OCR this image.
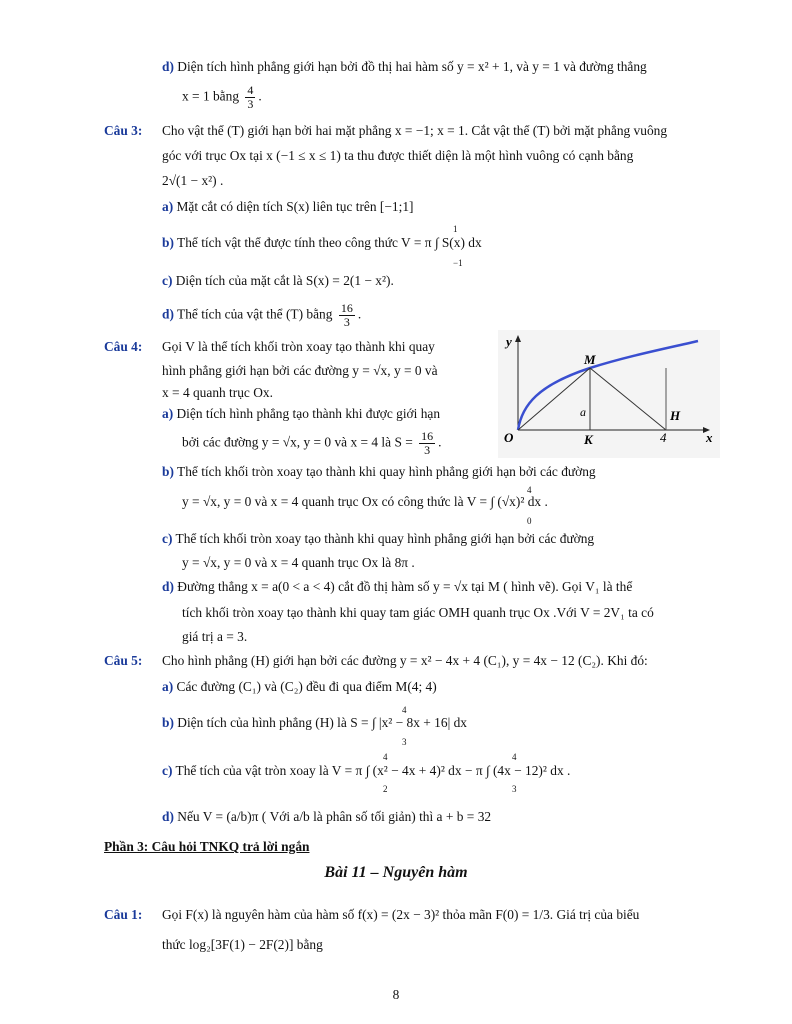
d) Diện tích hình phẳng giới hạn bởi đồ thị hai hàm số y = x² + 1, và y = 1 và đường thẳng
x = 1 bằng $\frac{4}{3}$ .
Câu 3: Cho vật thể (T) giới hạn bởi hai mặt phẳng x = −1; x = 1. Cắt vật thể (T) bởi mặt phẳng vuông
góc với trục Ox tại x (−1 ≤ x ≤ 1) ta thu được thiết diện là một hình vuông có cạnh bằng
2√(1 − x²) .
a) Mặt cắt có diện tích S(x) liên tục trên [−1;1]
b) Thể tích vật thể được tính theo công thức V = π ∫ S(x) dx
1
−1
c) Diện tích của mặt cắt là S(x) = 2(1 − x²).
d) Thể tích của vật thể (T) bằng $\frac{16}{3}$ .
Câu 4: Gọi V là thể tích khối tròn xoay tạo thành khi quay
hình phẳng giới hạn bởi các đường y = √x, y = 0 và
x = 4 quanh trục Ox.
a) Diện tích hình phẳng tạo thành khi được giới hạn
bởi các đường y = √x, y = 0 và x = 4 là $S = \frac{16}{3}$ .
y
x
O
M
K
H
a
4
b) Thể tích khối tròn xoay tạo thành khi quay hình phẳng giới hạn bởi các đường
y = √x, y = 0 và x = 4 quanh trục Ox có công thức là V = ∫ (√x)² dx .
4
0
c) Thể tích khối tròn xoay tạo thành khi quay hình phẳng giới hạn bởi các đường
y = √x, y = 0 và x = 4 quanh trục Ox là 8π .
d) Đường thẳng x = a(0 < a < 4) cắt đồ thị hàm số y = √x tại M ( hình vẽ). Gọi V₁ là thể
tích khối tròn xoay tạo thành khi quay tam giác OMH quanh trục Ox .Với V = 2V₁ ta có
giá trị a = 3.
Câu 5: Cho hình phẳng (H) giới hạn bởi các đường y = x² − 4x + 4 (C₁), y = 4x − 12 (C₂). Khi đó:
a) Các đường (C₁) và (C₂) đều đi qua điểm M(4; 4)
b) Diện tích của hình phẳng (H) là S = ∫ |x² − 8x + 16| dx
4
3
c) Thể tích của vật tròn xoay là V = π ∫ (x² − 4x + 4)² dx − π ∫ (4x − 12)² dx .
4
2
4
3
d) Nếu V = (a/b)π ( Với a/b là phân số tối giản) thì a + b = 32
Phần 3: Câu hỏi TNKQ trả lời ngắn
Bài 11 – Nguyên hàm
Câu 1: Gọi F(x) là nguyên hàm của hàm số f(x) = (2x − 3)² thỏa mãn F(0) = 1/3. Giá trị của biểu
thức log₂[3F(1) − 2F(2)] bằng
8
